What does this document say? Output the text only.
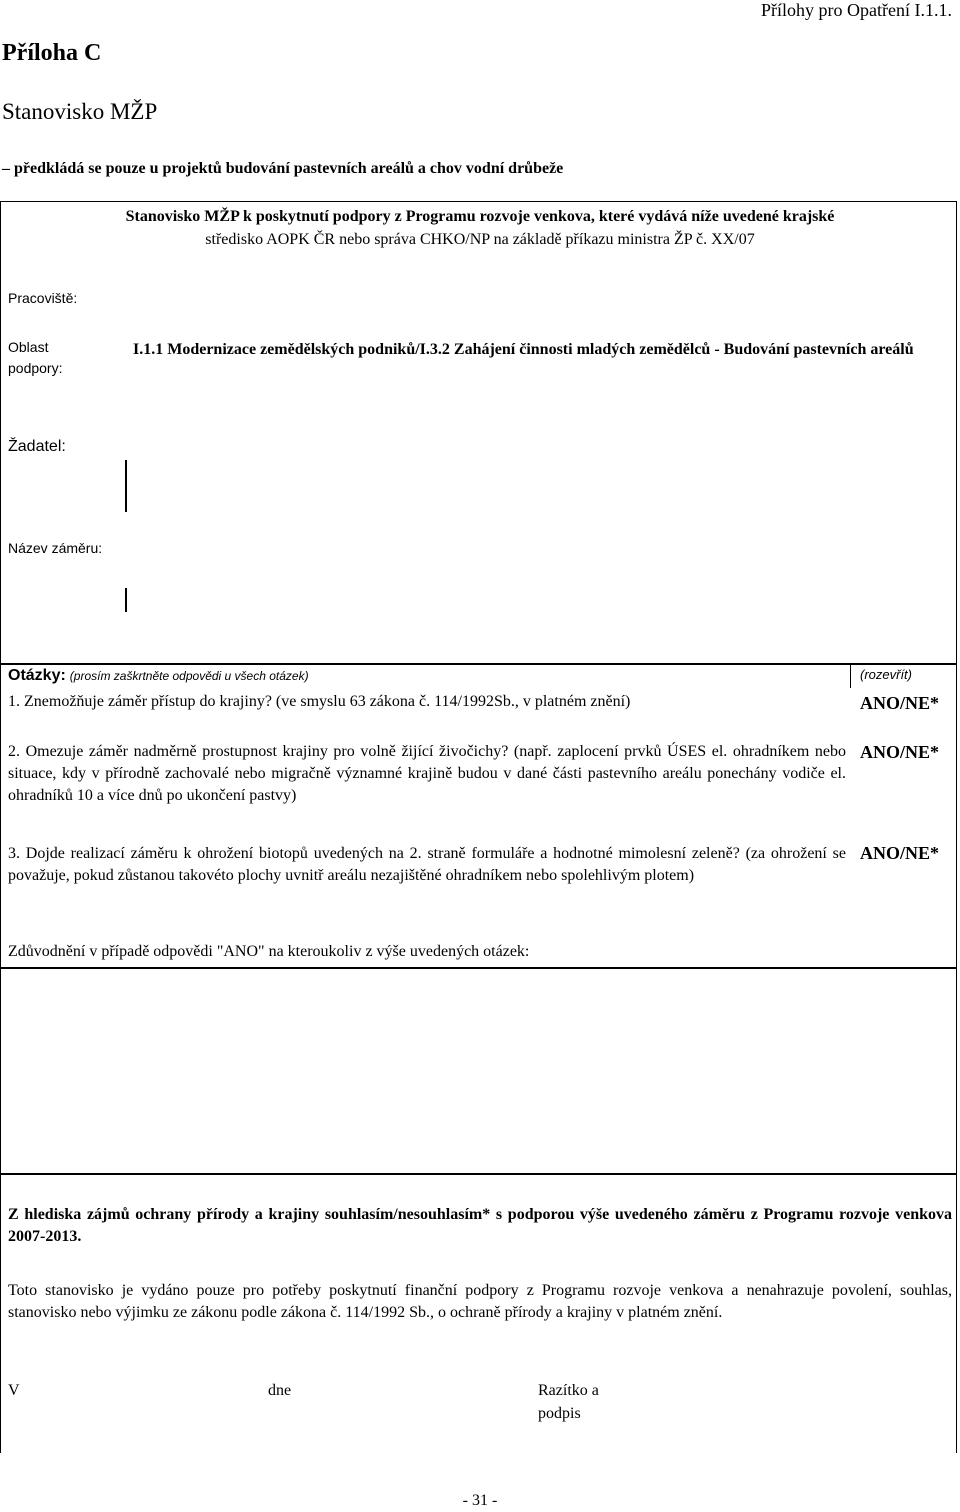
Přílohy pro Opatření I.1.1.
Příloha C
Stanovisko MŽP
– předkládá se pouze u projektů budování pastevních areálů a chov vodní drůbeže
Stanovisko MŽP k poskytnutí podpory z Programu rozvoje venkova, které vydává níže uvedené krajské
středisko AOPK ČR nebo správa CHKO/NP na základě příkazu ministra ŽP č. XX/07
Pracoviště:
Oblast
podpory:
I.1.1 Modernizace zemědělských podniků/I.3.2 Zahájení činnosti mladých zemědělců - Budování pastevních areálů
Žadatel:
Název záměru:
Otázky: (prosím zaškrtněte odpovědi u všech otázek)	(rozevřít)
1. Znemožňuje záměr přístup do krajiny? (ve smyslu 63 zákona č. 114/1992Sb., v platném znění)	ANO/NE*
2. Omezuje záměr nadměrně prostupnost krajiny pro volně žijící živočichy? (např. zaplocení prvků ÚSES el. ohradníkem nebo situace, kdy v přírodně zachovalé nebo migračně významné krajině budou v dané části pastevního areálu ponechány vodiče el. ohradníků 10 a více dnů po ukončení pastvy)
ANO/NE*
3. Dojde realizací záměru k ohrožení biotopů uvedených na 2. straně formuláře a hodnotné mimolesní zeleně? (za ohrožení se považuje, pokud zůstanou takovéto plochy uvnitř areálu nezajištěné ohradníkem nebo spolehlivým plotem)
ANO/NE*
Zdůvodnění v případě odpovědi "ANO" na kteroukoliv z výše uvedených otázek:
Z hlediska zájmů ochrany přírody a krajiny souhlasím/nesouhlasím* s podporou výše uvedeného záměru z Programu rozvoje venkova 2007-2013.
Toto stanovisko je vydáno pouze pro potřeby poskytnutí finanční podpory z Programu rozvoje venkova a nenahrazuje povolení, souhlas, stanovisko nebo výjimku ze zákonu podle zákona č. 114/1992 Sb., o ochraně přírody a krajiny v platném znění.
V	dne	Razítko a
podpis
- 31 -
